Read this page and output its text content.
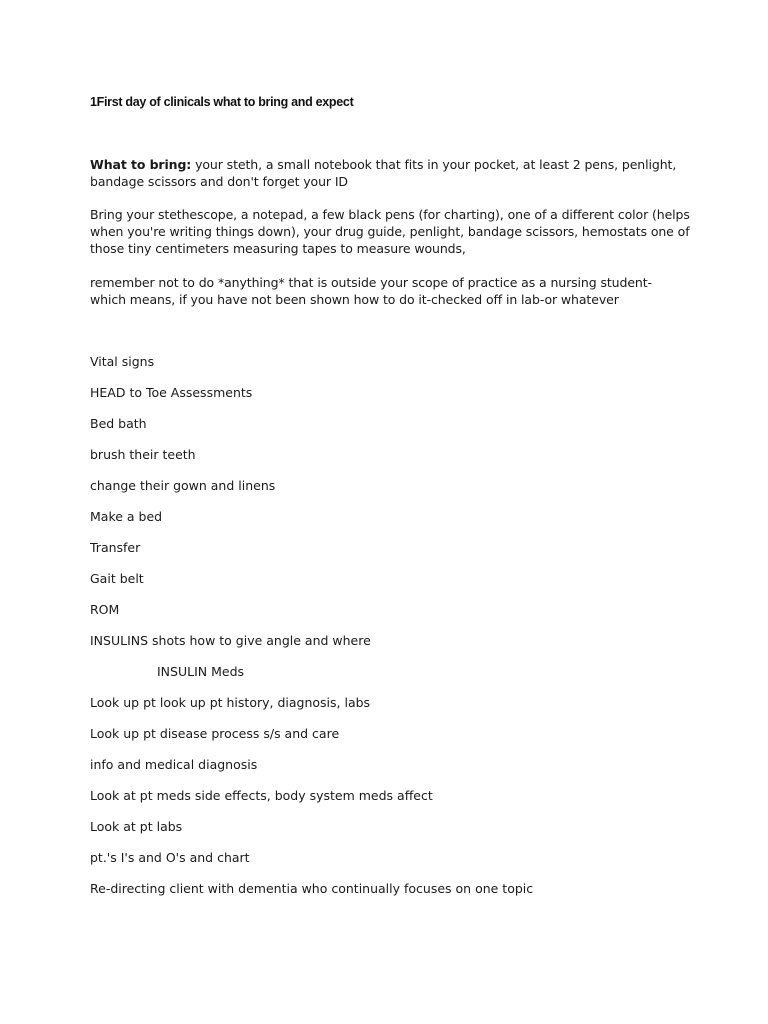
1First day of clinicals what to bring and expect
What to bring: your steth, a small notebook that fits in your pocket, at least 2 pens, penlight, bandage scissors and don't forget your ID
Bring your stethescope, a notepad, a few black pens (for charting), one of a different color (helps when you're writing things down), your drug guide, penlight, bandage scissors, hemostats one of those tiny centimeters measuring tapes to measure wounds,
remember not to do *anything* that is outside your scope of practice as a nursing student- which means, if you have not been shown how to do it-checked off in lab-or whatever
Vital signs
HEAD to Toe Assessments
Bed bath
brush their teeth
change their gown and linens
Make a bed
Transfer
Gait belt
ROM
INSULINS shots how to give angle and where
INSULIN Meds
Look up pt look up pt history, diagnosis, labs
Look up pt disease process s/s and care
info and medical diagnosis
Look at pt meds side effects, body system meds affect
Look at pt labs
pt.'s I's and O's and chart
Re-directing client with dementia who continually focuses on one topic
